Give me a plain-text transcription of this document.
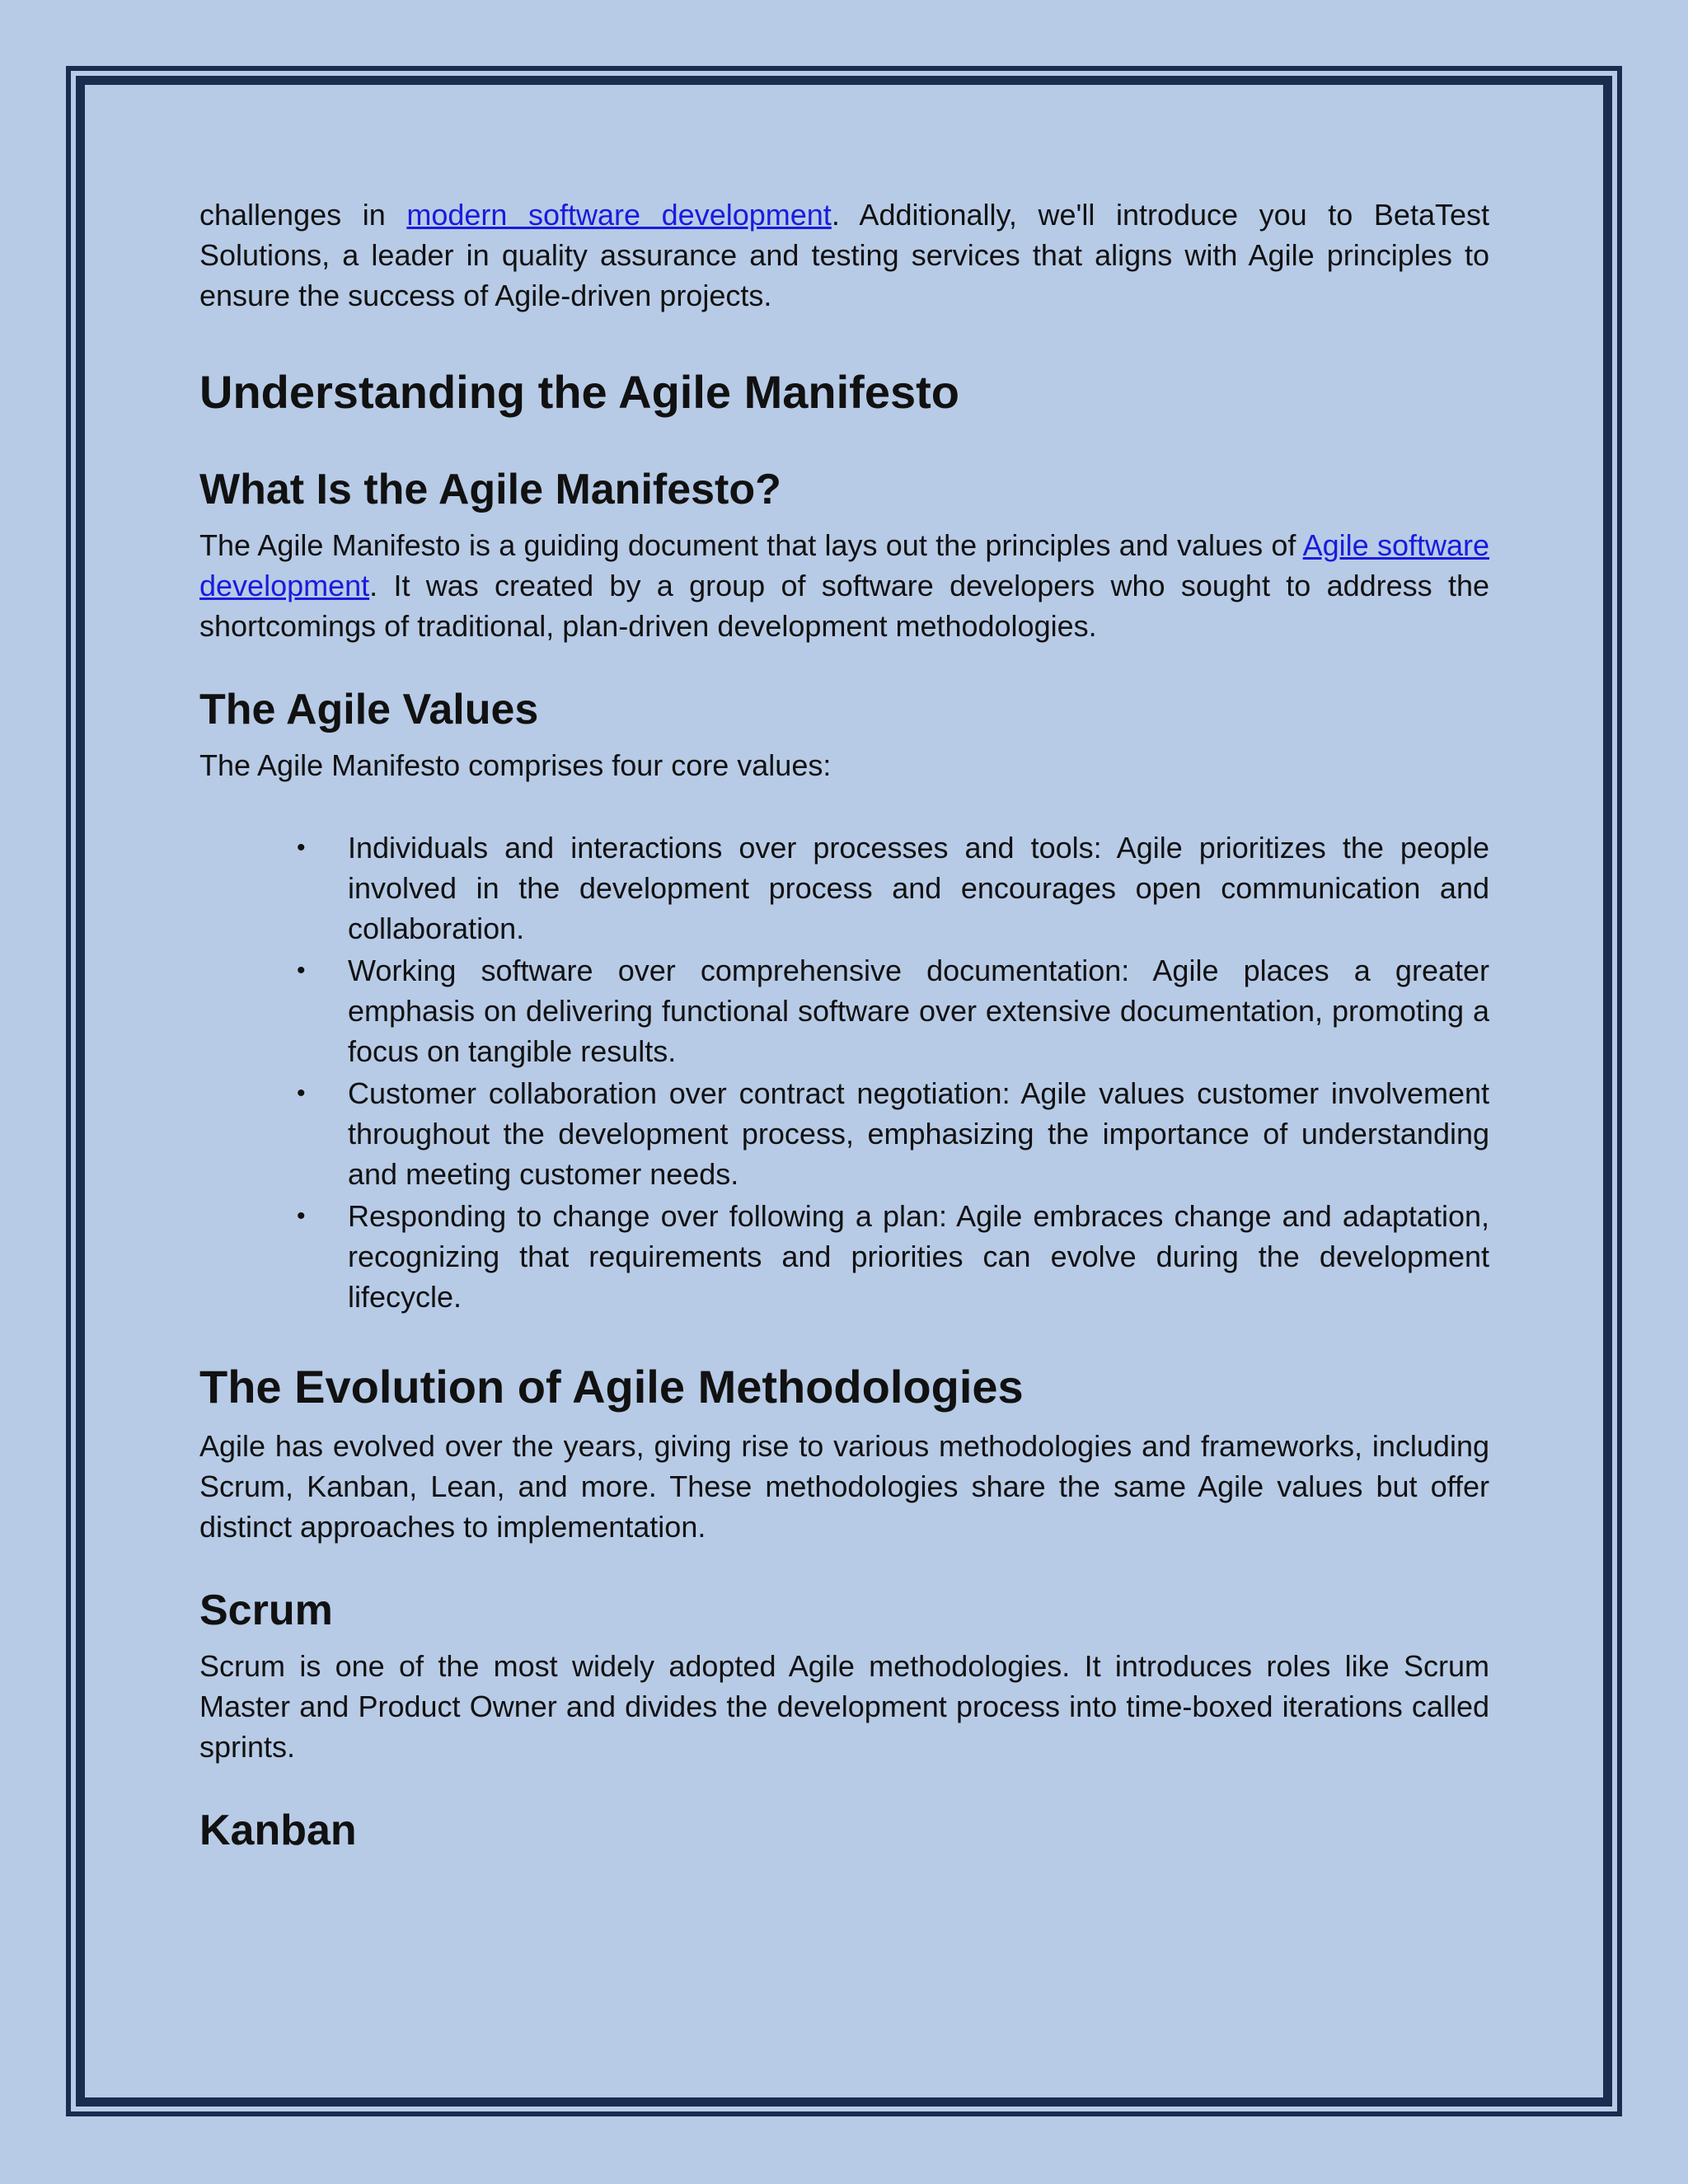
challenges in modern software development. Additionally, we'll introduce you to BetaTest Solutions, a leader in quality assurance and testing services that aligns with Agile principles to ensure the success of Agile-driven projects.

Understanding the Agile Manifesto
What Is the Agile Manifesto?

The Agile Manifesto is a guiding document that lays out the principles and values of Agile software development. It was created by a group of software developers who sought to address the shortcomings of traditional, plan-driven development methodologies.

The Agile Values

The Agile Manifesto comprises four core values:

• Individuals and interactions over processes and tools: Agile prioritizes the people involved in the development process and encourages open communication and collaboration.
• Working software over comprehensive documentation: Agile places a greater emphasis on delivering functional software over extensive documentation, promoting a focus on tangible results.
• Customer collaboration over contract negotiation: Agile values customer involvement throughout the development process, emphasizing the importance of understanding and meeting customer needs.
• Responding to change over following a plan: Agile embraces change and adaptation, recognizing that requirements and priorities can evolve during the development lifecycle.
The Evolution of Agile Methodologies

Agile has evolved over the years, giving rise to various methodologies and frameworks, including Scrum, Kanban, Lean, and more. These methodologies share the same Agile values but offer distinct approaches to implementation.

Scrum

Scrum is one of the most widely adopted Agile methodologies. It introduces roles like Scrum Master and Product Owner and divides the development process into time-boxed iterations called sprints.

Kanban
